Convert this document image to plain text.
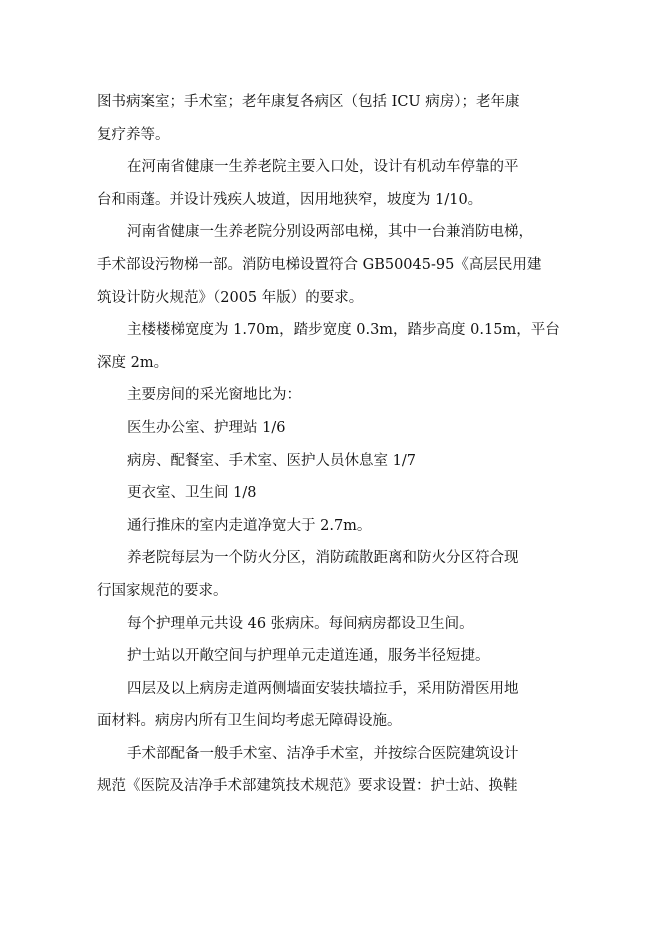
图书病案室；手术室；老年康复各病区（包括 ICU 病房）；老年康
复疗养等。
在河南省健康一生养老院主要入口处，设计有机动车停靠的平
台和雨蓬。并设计残疾人坡道，因用地狭窄，坡度为 1/10。
河南省健康一生养老院分别设两部电梯，其中一台兼消防电梯，
手术部设污物梯一部。消防电梯设置符合 GB50045-95《高层民用建
筑设计防火规范》（2005 年版）的要求。
主楼楼梯宽度为 1.70m，踏步宽度 0.3m，踏步高度 0.15m，平台
深度 2m。
主要房间的采光窗地比为：
医生办公室、护理站 1/6
病房、配餐室、手术室、医护人员休息室 1/7
更衣室、卫生间 1/8
通行推床的室内走道净宽大于 2.7m。
养老院每层为一个防火分区，消防疏散距离和防火分区符合现
行国家规范的要求。
每个护理单元共设 46 张病床。每间病房都设卫生间。
护士站以开敞空间与护理单元走道连通，服务半径短捷。
四层及以上病房走道两侧墙面安装扶墙拉手，采用防滑医用地
面材料。病房内所有卫生间均考虑无障碍设施。
手术部配备一般手术室、洁净手术室，并按综合医院建筑设计
规范《医院及洁净手术部建筑技术规范》要求设置：护士站、换鞋
